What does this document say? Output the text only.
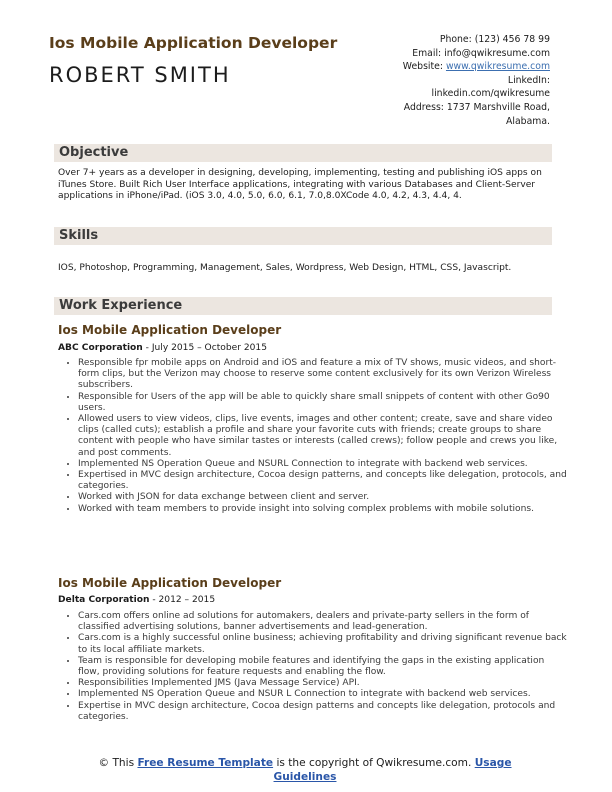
Ios Mobile Application Developer
ROBERT SMITH
Phone: (123) 456 78 99
Email: info@qwikresume.com
Website: www.qwikresume.com
LinkedIn:
linkedin.com/qwikresume
Address: 1737 Marshville Road,
Alabama.
Objective
Over 7+ years as a developer in designing, developing, implementing, testing and publishing iOS apps on iTunes Store. Built Rich User Interface applications, integrating with various Databases and Client-Server applications in iPhone/iPad. (iOS 3.0, 4.0, 5.0, 6.0, 6.1, 7.0,8.0XCode 4.0, 4.2, 4.3, 4.4, 4.
Skills
IOS, Photoshop, Programming, Management, Sales, Wordpress, Web Design, HTML, CSS, Javascript.
Work Experience
Ios Mobile Application Developer
ABC Corporation - July 2015 – October 2015
• Responsible fpr mobile apps on Android and iOS and feature a mix of TV shows, music videos, and short-form clips, but the Verizon may choose to reserve some content exclusively for its own Verizon Wireless subscribers.
• Responsible for Users of the app will be able to quickly share small snippets of content with other Go90 users.
• Allowed users to view videos, clips, live events, images and other content; create, save and share video clips (called cuts); establish a profile and share your favorite cuts with friends; create groups to share content with people who have similar tastes or interests (called crews); follow people and crews you like, and post comments.
• Implemented NS Operation Queue and NSURL Connection to integrate with backend web services.
• Expertised in MVC design architecture, Cocoa design patterns, and concepts like delegation, protocols, and categories.
• Worked with JSON for data exchange between client and server.
• Worked with team members to provide insight into solving complex problems with mobile solutions.
Ios Mobile Application Developer
Delta Corporation - 2012 – 2015
• Cars.com offers online ad solutions for automakers, dealers and private-party sellers in the form of classified advertising solutions, banner advertisements and lead-generation.
• Cars.com is a highly successful online business; achieving profitability and driving significant revenue back to its local affiliate markets.
• Team is responsible for developing mobile features and identifying the gaps in the existing application flow, providing solutions for feature requests and enabling the flow.
• Responsibilities Implemented JMS (Java Message Service) API.
• Implemented NS Operation Queue and NSUR L Connection to integrate with backend web services.
• Expertise in MVC design architecture, Cocoa design patterns and concepts like delegation, protocols and categories.
© This Free Resume Template is the copyright of Qwikresume.com. Usage Guidelines
